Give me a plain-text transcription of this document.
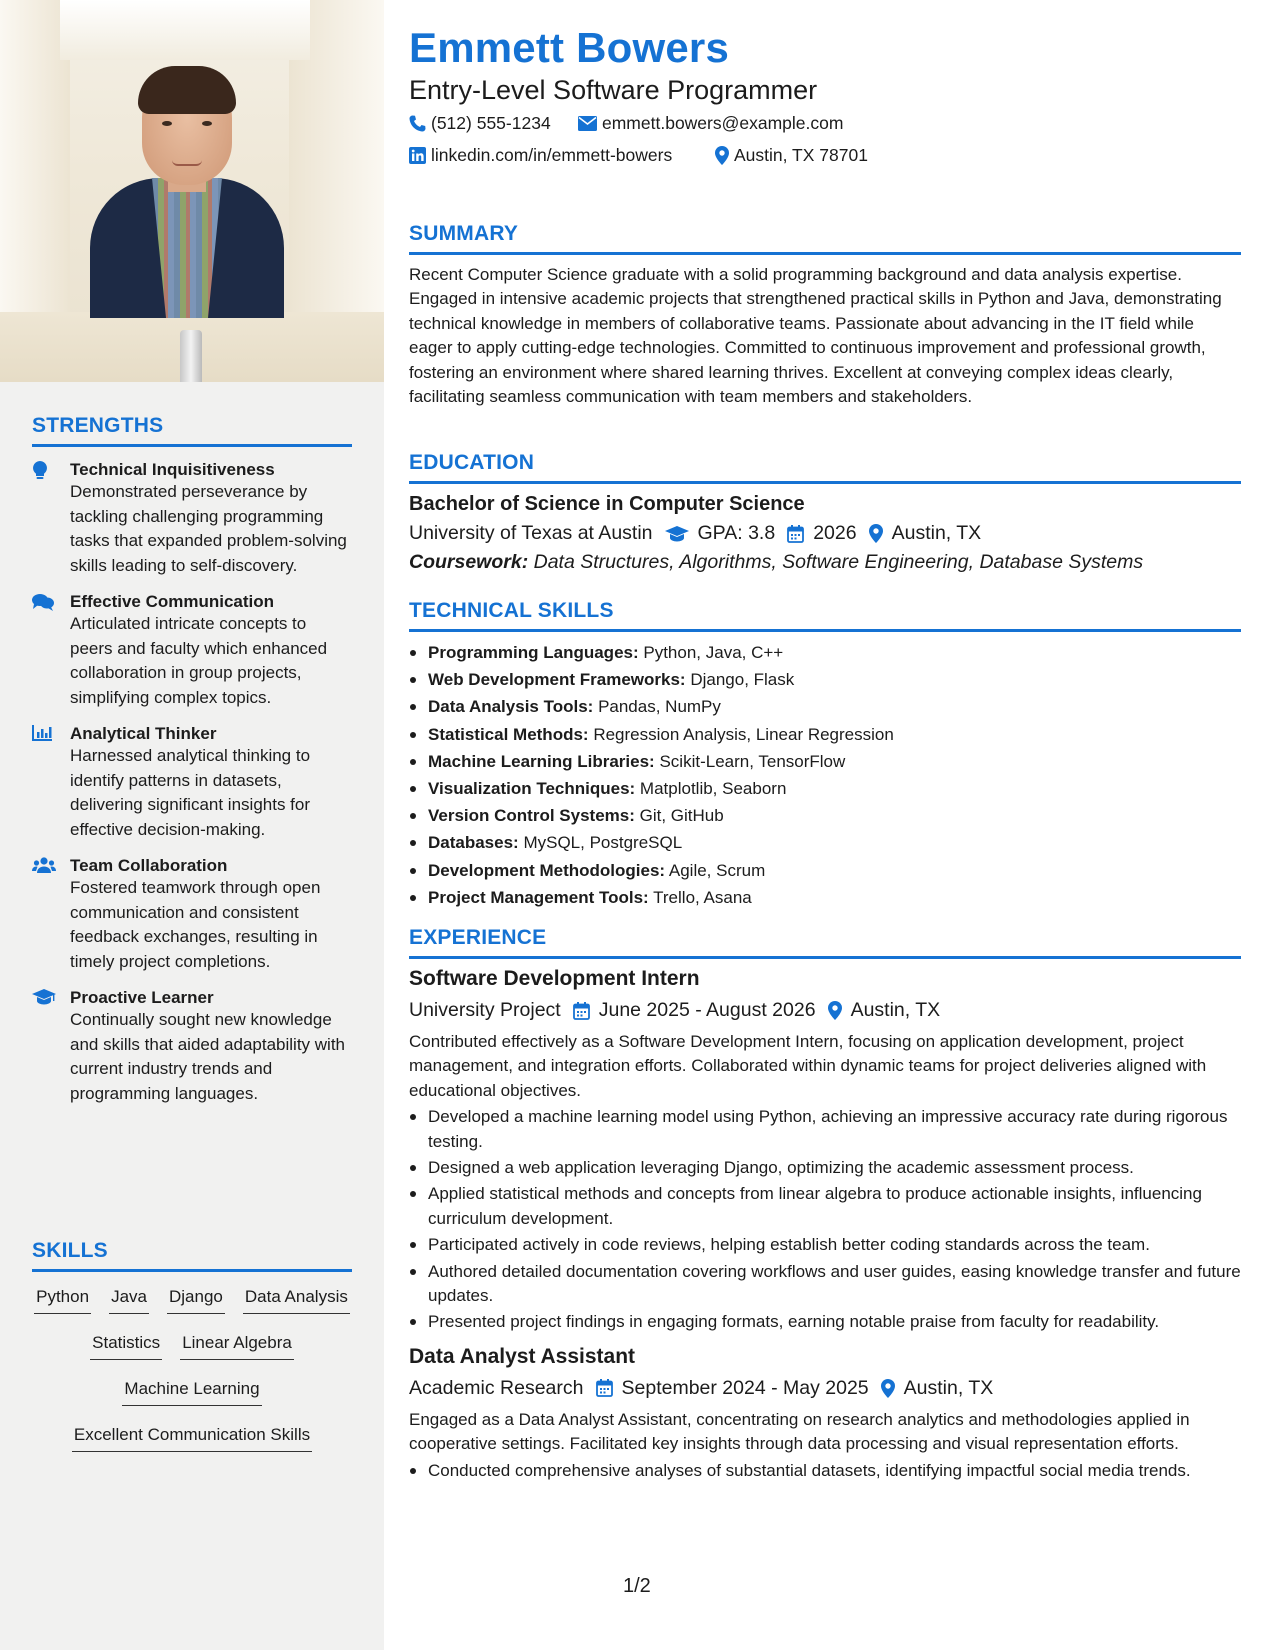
STRENGTHS
Technical Inquisitiveness
Demonstrated perseverance by tackling challenging programming tasks that expanded problem-solving skills leading to self-discovery.
Effective Communication
Articulated intricate concepts to peers and faculty which enhanced collaboration in group projects, simplifying complex topics.
Analytical Thinker
Harnessed analytical thinking to identify patterns in datasets, delivering significant insights for effective decision-making.
Team Collaboration
Fostered teamwork through open communication and consistent feedback exchanges, resulting in timely project completions.
Proactive Learner
Continually sought new knowledge and skills that aided adaptability with current industry trends and programming languages.
SKILLS
Python Java Django Data Analysis
Statistics Linear Algebra
Machine Learning
Excellent Communication Skills
Emmett Bowers
Entry-Level Software Programmer
(512) 555-1234	emmett.bowers@example.com
linkedin.com/in/emmett-bowers	Austin, TX 78701
SUMMARY
Recent Computer Science graduate with a solid programming background and data analysis expertise. Engaged in intensive academic projects that strengthened practical skills in Python and Java, demonstrating technical knowledge in members of collaborative teams. Passionate about advancing in the IT field while eager to apply cutting-edge technologies. Committed to continuous improvement and professional growth, fostering an environment where shared learning thrives. Excellent at conveying complex ideas clearly, facilitating seamless communication with team members and stakeholders.
EDUCATION
Bachelor of Science in Computer Science
University of Texas at Austin GPA: 3.8 2026 Austin, TX
Coursework: Data Structures, Algorithms, Software Engineering, Database Systems
TECHNICAL SKILLS
Programming Languages: Python, Java, C++
Web Development Frameworks: Django, Flask
Data Analysis Tools: Pandas, NumPy
Statistical Methods: Regression Analysis, Linear Regression
Machine Learning Libraries: Scikit-Learn, TensorFlow
Visualization Techniques: Matplotlib, Seaborn
Version Control Systems: Git, GitHub
Databases: MySQL, PostgreSQL
Development Methodologies: Agile, Scrum
Project Management Tools: Trello, Asana
EXPERIENCE
Software Development Intern
University Project June 2025 - August 2026 Austin, TX
Contributed effectively as a Software Development Intern, focusing on application development, project management, and integration efforts. Collaborated within dynamic teams for project deliveries aligned with educational objectives.
Developed a machine learning model using Python, achieving an impressive accuracy rate during rigorous testing.
Designed a web application leveraging Django, optimizing the academic assessment process.
Applied statistical methods and concepts from linear algebra to produce actionable insights, influencing curriculum development.
Participated actively in code reviews, helping establish better coding standards across the team.
Authored detailed documentation covering workflows and user guides, easing knowledge transfer and future updates.
Presented project findings in engaging formats, earning notable praise from faculty for readability.
Data Analyst Assistant
Academic Research September 2024 - May 2025 Austin, TX
Engaged as a Data Analyst Assistant, concentrating on research analytics and methodologies applied in cooperative settings. Facilitated key insights through data processing and visual representation efforts.
Conducted comprehensive analyses of substantial datasets, identifying impactful social media trends.
1/2
